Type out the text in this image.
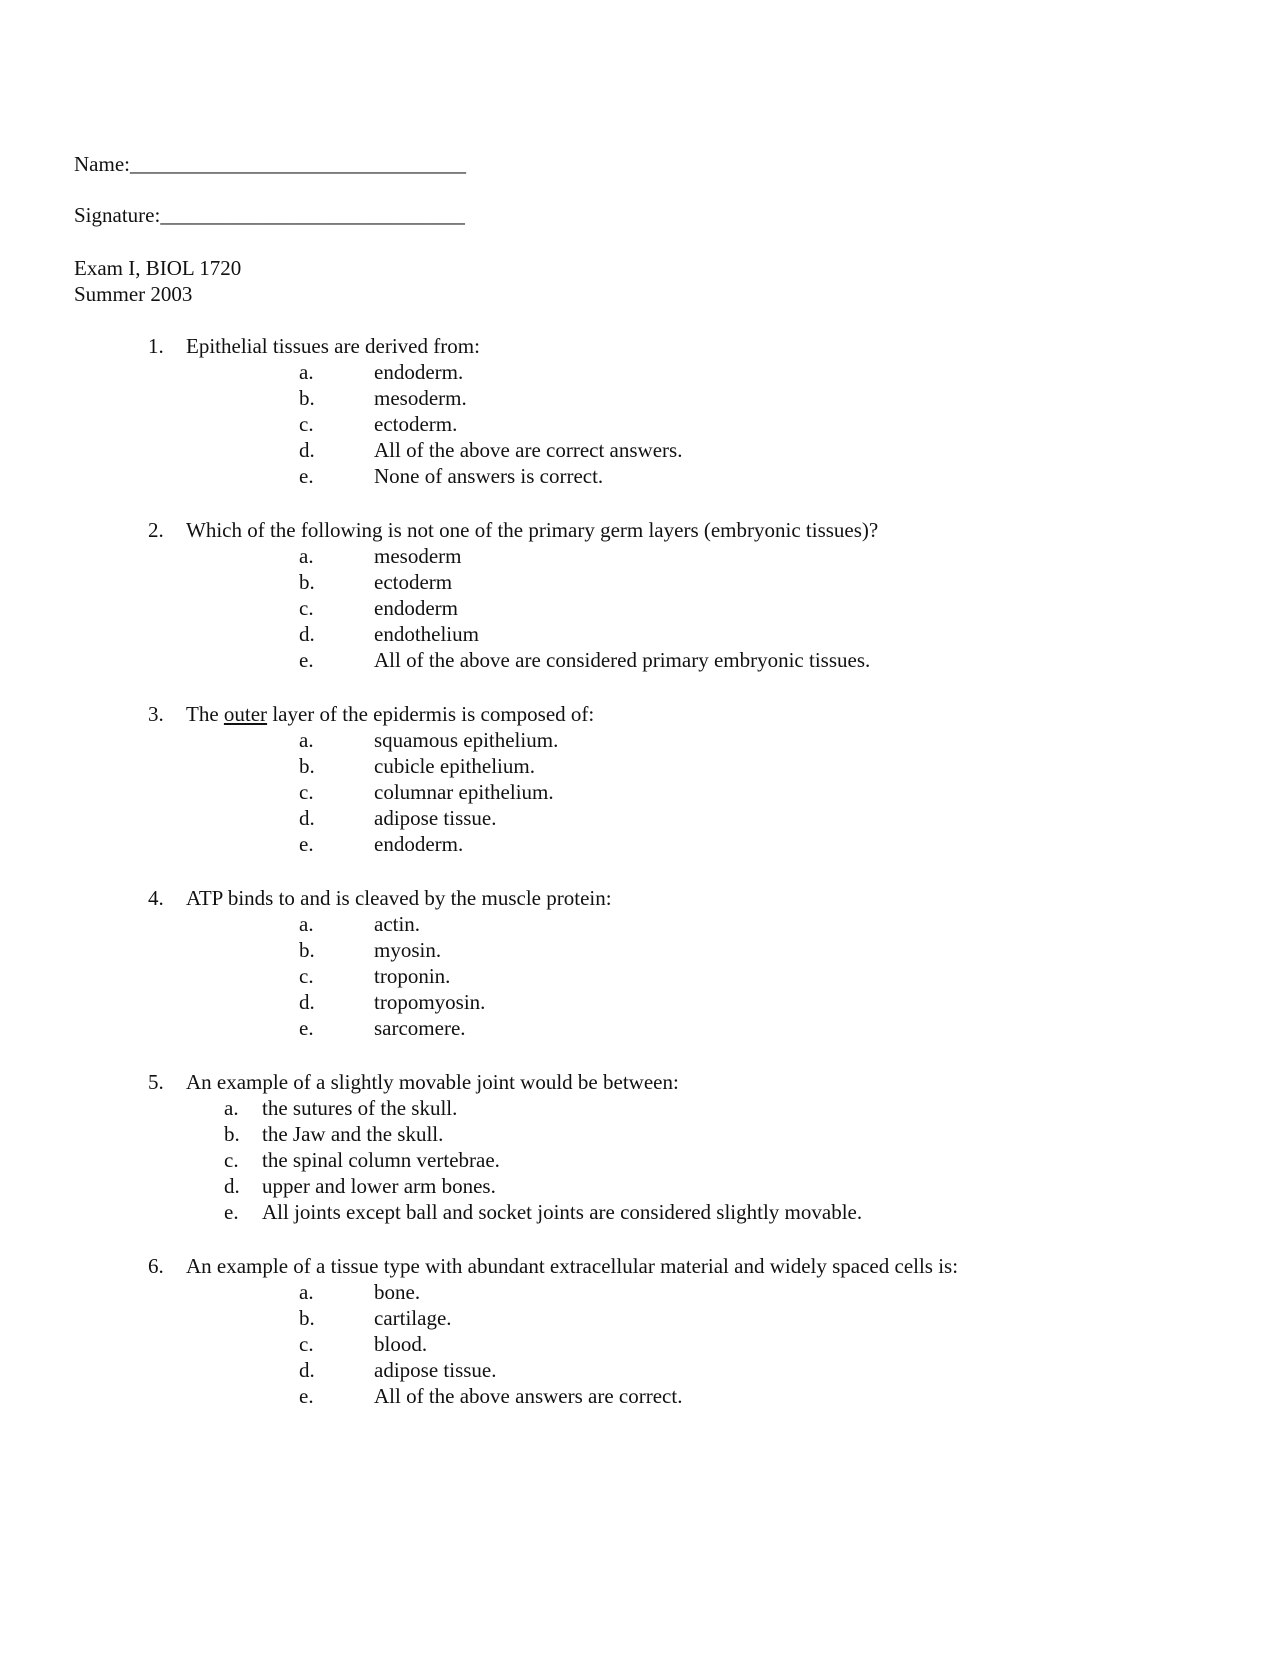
Name:________________________________
Signature:_____________________________
Exam I, BIOL 1720
Summer 2003
1. Epithelial tissues are derived from:
a.	endoderm.
b.	mesoderm.
c.	ectoderm.
d.	All of the above are correct answers.
e.	None of answers is correct.
2. Which of the following is not one of the primary germ layers (embryonic tissues)?
a.	mesoderm
b.	ectoderm
c.	endoderm
d.	endothelium
e.	All of the above are considered primary embryonic tissues.
3. The outer layer of the epidermis is composed of:
a.	squamous epithelium.
b.	cubicle epithelium.
c.	columnar epithelium.
d.	adipose tissue.
e.	endoderm.
4. ATP binds to and is cleaved by the muscle protein:
a.	actin.
b.	myosin.
c.	troponin.
d.	tropomyosin.
e.	sarcomere.
5. An example of a slightly movable joint would be between:
a. the sutures of the skull.
b. the Jaw and the skull.
c. the spinal column vertebrae.
d. upper and lower arm bones.
e. All joints except ball and socket joints are considered slightly movable.
6. An example of a tissue type with abundant extracellular material and widely spaced cells is:
a.	bone.
b.	cartilage.
c.	blood.
d.	adipose tissue.
e.	All of the above answers are correct.
